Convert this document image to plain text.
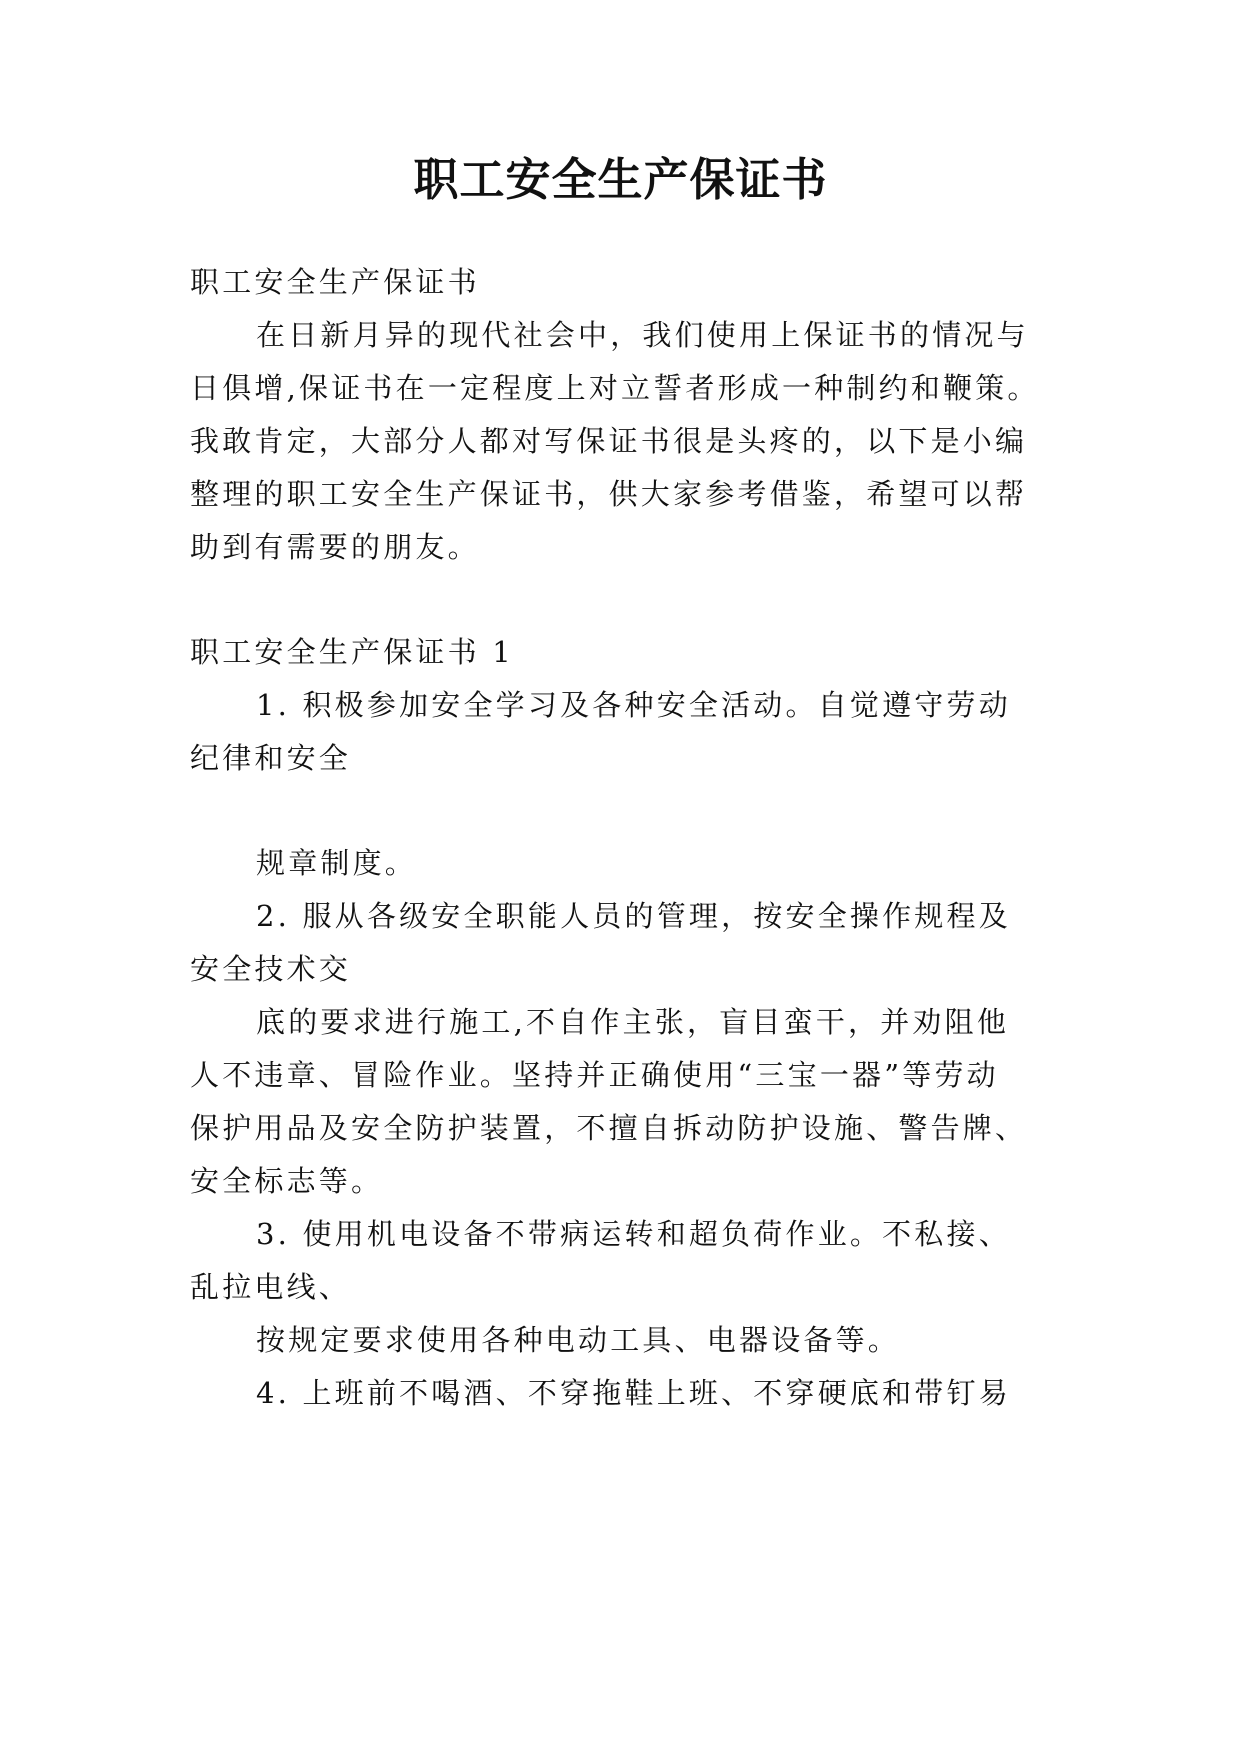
职工安全生产保证书
职工安全生产保证书
在日新月异的现代社会中，我们使用上保证书的情况与
日俱增,保证书在一定程度上对立誓者形成一种制约和鞭策。
我敢肯定，大部分人都对写保证书很是头疼的，以下是小编
整理的职工安全生产保证书，供大家参考借鉴，希望可以帮
助到有需要的朋友。
职工安全生产保证书 1
1. 积极参加安全学习及各种安全活动。自觉遵守劳动
纪律和安全
规章制度。
2. 服从各级安全职能人员的管理，按安全操作规程及
安全技术交
底的要求进行施工,不自作主张，盲目蛮干，并劝阻他
人不违章、冒险作业。坚持并正确使用“三宝一器”等劳动
保护用品及安全防护装置，不擅自拆动防护设施、警告牌、
安全标志等。
3. 使用机电设备不带病运转和超负荷作业。不私接、
乱拉电线、
按规定要求使用各种电动工具、电器设备等。
4. 上班前不喝酒、不穿拖鞋上班、不穿硬底和带钉易
